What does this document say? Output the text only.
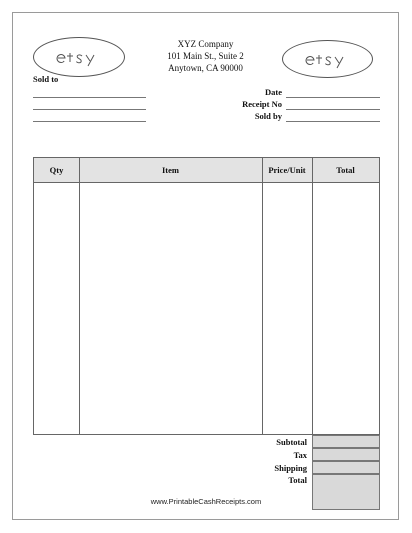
XYZ Company
101 Main St., Suite 2
Anytown, CA 90000
Sold to
Date
Receipt No
Sold by
Qty	Item	Price/Unit	Total
Subtotal
Tax
Shipping
Total
www.PrintableCashReceipts.com
